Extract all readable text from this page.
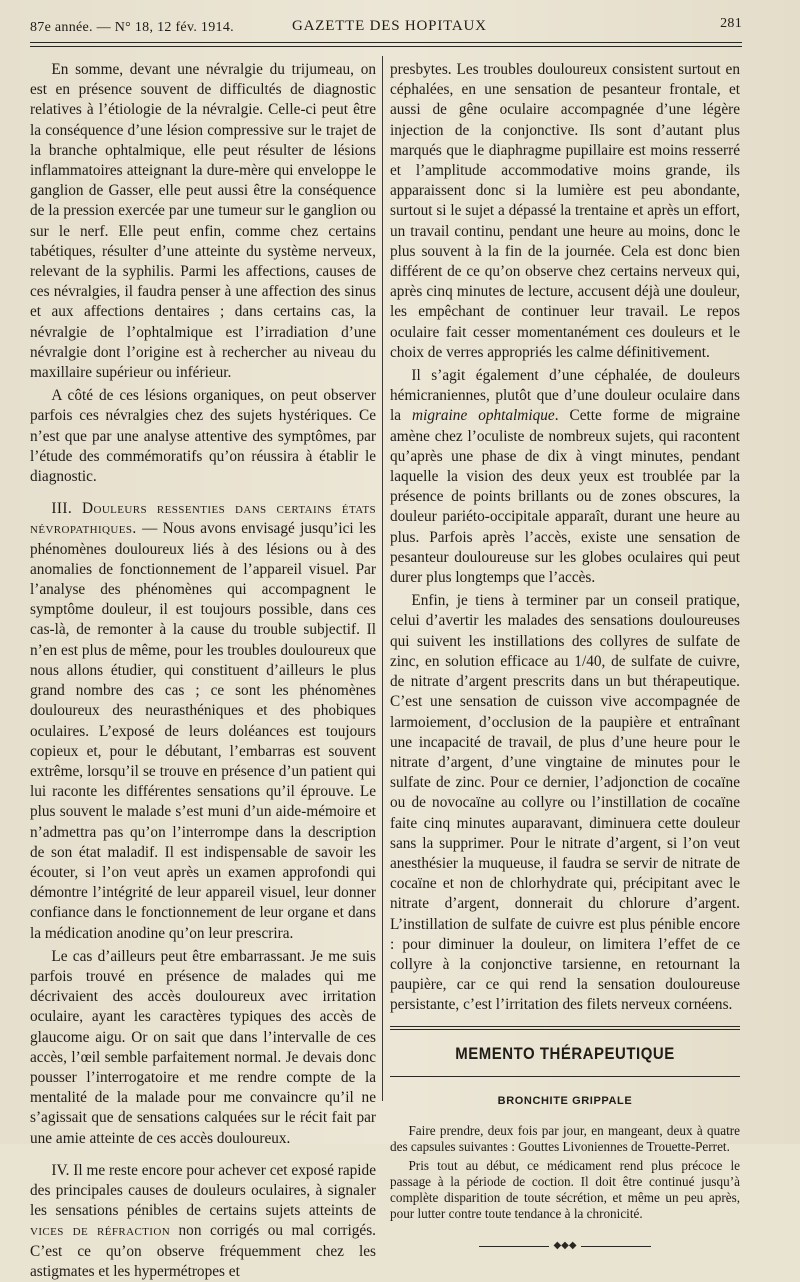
87e année. — N° 18, 12 fév. 1914.	GAZETTE DES HOPITAUX	281

En somme, devant une névralgie du trijumeau, on est en présence souvent de difficultés de diagnostic relatives à l’étiologie de la névralgie. Celle-ci peut être la conséquence d’une lésion compressive sur le trajet de la branche ophtalmique, elle peut résulter de lésions inflammatoires atteignant la dure-mère qui enveloppe le ganglion de Gasser, elle peut aussi être la conséquence de la pression exercée par une tumeur sur le ganglion ou sur le nerf. Elle peut enfin, comme chez certains tabétiques, résulter d’une atteinte du système nerveux, relevant de la syphilis. Parmi les affections, causes de ces névralgies, il faudra penser à une affection des sinus et aux affections dentaires ; dans certains cas, la névralgie de l’ophtalmique est l’irradiation d’une névralgie dont l’origine est à rechercher au niveau du maxillaire supérieur ou inférieur.

A côté de ces lésions organiques, on peut observer parfois ces névralgies chez des sujets hystériques. Ce n’est que par une analyse attentive des symptômes, par l’étude des commémoratifs qu’on réussira à établir le diagnostic.

III. Douleurs ressenties dans certains états névropathiques. — Nous avons envisagé jusqu’ici les phénomènes douloureux liés à des lésions ou à des anomalies de fonctionnement de l’appareil visuel. Par l’analyse des phénomènes qui accompagnent le symptôme douleur, il est toujours possible, dans ces cas-là, de remonter à la cause du trouble subjectif. Il n’en est plus de même, pour les troubles douloureux que nous allons étudier, qui constituent d’ailleurs le plus grand nombre des cas ; ce sont les phénomènes douloureux des neurasthéniques et des phobiques oculaires. L’exposé de leurs doléances est toujours copieux et, pour le débutant, l’embarras est souvent extrême, lorsqu’il se trouve en présence d’un patient qui lui raconte les différentes sensations qu’il éprouve. Le plus souvent le malade s’est muni d’un aide-mémoire et n’admettra pas qu’on l’interrompe dans la description de son état maladif. Il est indispensable de savoir les écouter, si l’on veut après un examen approfondi qui démontre l’intégrité de leur appareil visuel, leur donner confiance dans le fonctionnement de leur organe et dans la médication anodine qu’on leur prescrira.

Le cas d’ailleurs peut être embarrassant. Je me suis parfois trouvé en présence de malades qui me décrivaient des accès douloureux avec irritation oculaire, ayant les caractères typiques des accès de glaucome aigu. Or on sait que dans l’intervalle de ces accès, l’œil semble parfaitement normal. Je devais donc pousser l’interrogatoire et me rendre compte de la mentalité de la malade pour me convaincre qu’il ne s’agissait que de sensations calquées sur le récit fait par une amie atteinte de ces accès douloureux.

IV. Il me reste encore pour achever cet exposé rapide des principales causes de douleurs oculaires, à signaler les sensations pénibles de certains sujets atteints de vices de réfraction non corrigés ou mal corrigés. C’est ce qu’on observe fréquemment chez les astigmates et les hypermétropes et

presbytes. Les troubles douloureux consistent surtout en céphalées, en une sensation de pesanteur frontale, et aussi de gêne oculaire accompagnée d’une légère injection de la conjonctive. Ils sont d’autant plus marqués que le diaphragme pupillaire est moins resserré et l’amplitude accommodative moins grande, ils apparaissent donc si la lumière est peu abondante, surtout si le sujet a dépassé la trentaine et après un effort, un travail continu, pendant une heure au moins, donc le plus souvent à la fin de la journée. Cela est donc bien différent de ce qu’on observe chez certains nerveux qui, après cinq minutes de lecture, accusent déjà une douleur, les empêchant de continuer leur travail. Le repos oculaire fait cesser momentanément ces douleurs et le choix de verres appropriés les calme définitivement.

Il s’agit également d’une céphalée, de douleurs hémicraniennes, plutôt que d’une douleur oculaire dans la migraine ophtalmique. Cette forme de migraine amène chez l’oculiste de nombreux sujets, qui racontent qu’après une phase de dix à vingt minutes, pendant laquelle la vision des deux yeux est troublée par la présence de points brillants ou de zones obscures, la douleur pariéto-occipitale apparaît, durant une heure au plus. Parfois après l’accès, existe une sensation de pesanteur douloureuse sur les globes oculaires qui peut durer plus longtemps que l’accès.

Enfin, je tiens à terminer par un conseil pratique, celui d’avertir les malades des sensations douloureuses qui suivent les instillations des collyres de sulfate de zinc, en solution efficace au 1/40, de sulfate de cuivre, de nitrate d’argent prescrits dans un but thérapeutique. C’est une sensation de cuisson vive accompagnée de larmoiement, d’occlusion de la paupière et entraînant une incapacité de travail, de plus d’une heure pour le nitrate d’argent, d’une vingtaine de minutes pour le sulfate de zinc. Pour ce dernier, l’adjonction de cocaïne ou de novocaïne au collyre ou l’instillation de cocaïne faite cinq minutes auparavant, diminuera cette douleur sans la supprimer. Pour le nitrate d’argent, si l’on veut anesthésier la muqueuse, il faudra se servir de nitrate de cocaïne et non de chlorhydrate qui, précipitant avec le nitrate d’argent, donnerait du chlorure d’argent. L’instillation de sulfate de cuivre est plus pénible encore : pour diminuer la douleur, on limitera l’effet de ce collyre à la conjonctive tarsienne, en retournant la paupière, car ce qui rend la sensation douloureuse persistante, c’est l’irritation des filets nerveux cornéens.

MEMENTO THÉRAPEUTIQUE
BRONCHITE GRIPPALE

Faire prendre, deux fois par jour, en mangeant, deux à quatre des capsules suivantes : Gouttes Livoniennes de Trouette-Perret.

Pris tout au début, ce médicament rend plus précoce le passage à la période de coction. Il doit être continué jusqu’à complète disparition de toute sécrétion, et même un peu après, pour lutter contre toute tendance à la chronicité.

◆◆◆
